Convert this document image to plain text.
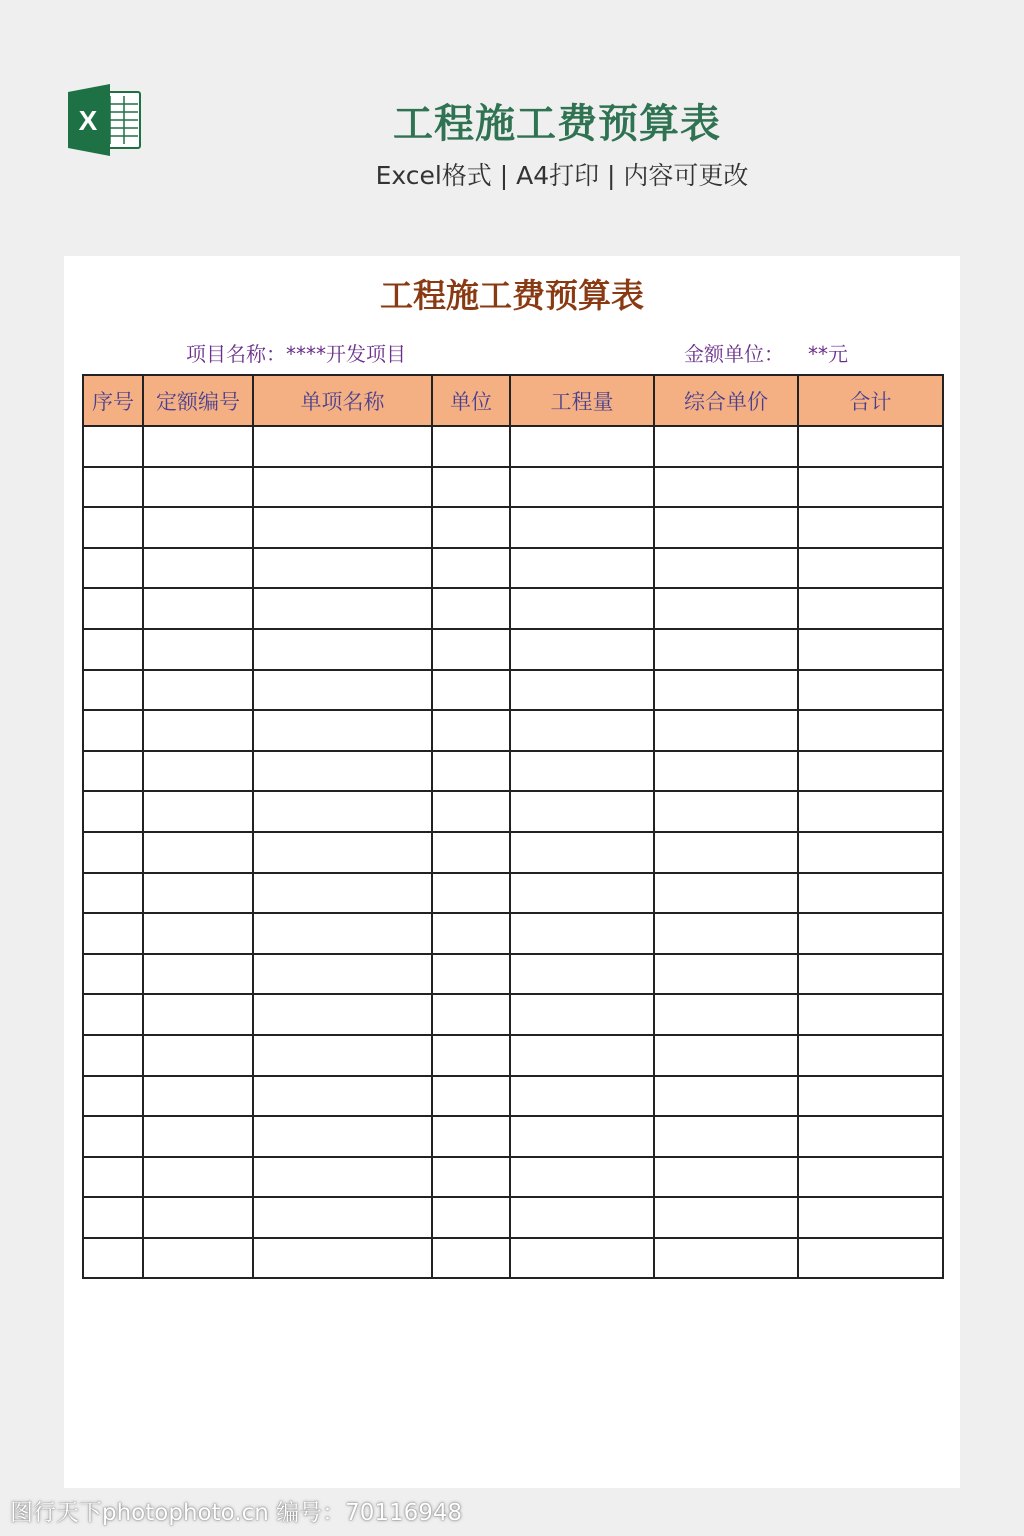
X	工程施工费预算表
Excel格式 | A4打印 | 内容可更改
工程施工费预算表
项目名称：****开发项目	金额单位： **元
序号	定额编号	单项名称	单位	工程量	综合单价	合计

图行天下photophoto.cn 编号：70116948
